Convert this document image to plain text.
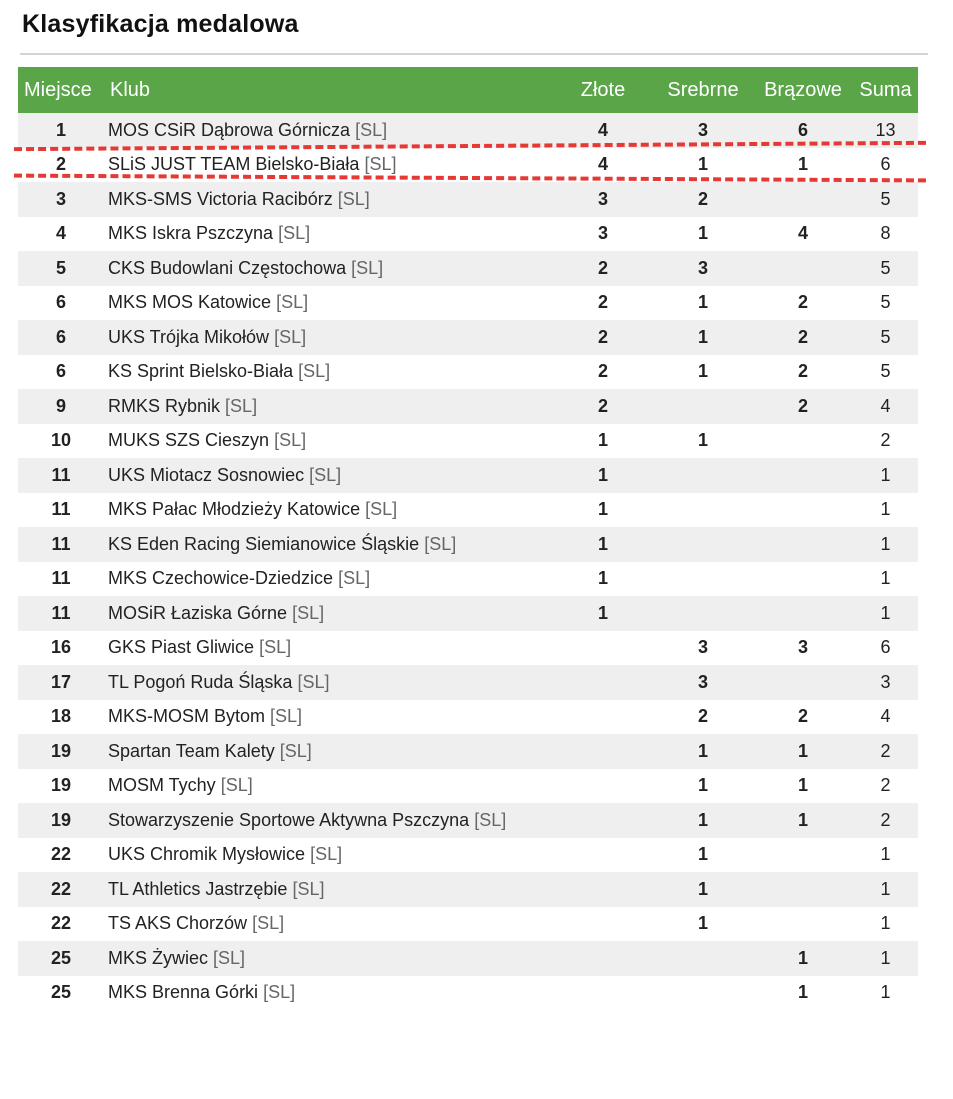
Klasyfikacja medalowa
Miejsce	Klub	Złote	Srebrne	Brązowe	Suma
1	MOS CSiR Dąbrowa Górnicza [SL]	4	3	6	13
2	SLiS JUST TEAM Bielsko-Biała [SL]	4	1	1	6
3	MKS-SMS Victoria Racibórz [SL]	3	2		5
4	MKS Iskra Pszczyna [SL]	3	1	4	8
5	CKS Budowlani Częstochowa [SL]	2	3		5
6	MKS MOS Katowice [SL]	2	1	2	5
6	UKS Trójka Mikołów [SL]	2	1	2	5
6	KS Sprint Bielsko-Biała [SL]	2	1	2	5
9	RMKS Rybnik [SL]	2		2	4
10	MUKS SZS Cieszyn [SL]	1	1		2
11	UKS Miotacz Sosnowiec [SL]	1			1
11	MKS Pałac Młodzieży Katowice [SL]	1			1
11	KS Eden Racing Siemianowice Śląskie [SL]	1			1
11	MKS Czechowice-Dziedzice [SL]	1			1
11	MOSiR Łaziska Górne [SL]	1			1
16	GKS Piast Gliwice [SL]		3	3	6
17	TL Pogoń Ruda Śląska [SL]		3		3
18	MKS-MOSM Bytom [SL]		2	2	4
19	Spartan Team Kalety [SL]		1	1	2
19	MOSM Tychy [SL]		1	1	2
19	Stowarzyszenie Sportowe Aktywna Pszczyna [SL]		1	1	2
22	UKS Chromik Mysłowice [SL]		1		1
22	TL Athletics Jastrzębie [SL]		1		1
22	TS AKS Chorzów [SL]		1		1
25	MKS Żywiec [SL]			1	1
25	MKS Brenna Górki [SL]			1	1
